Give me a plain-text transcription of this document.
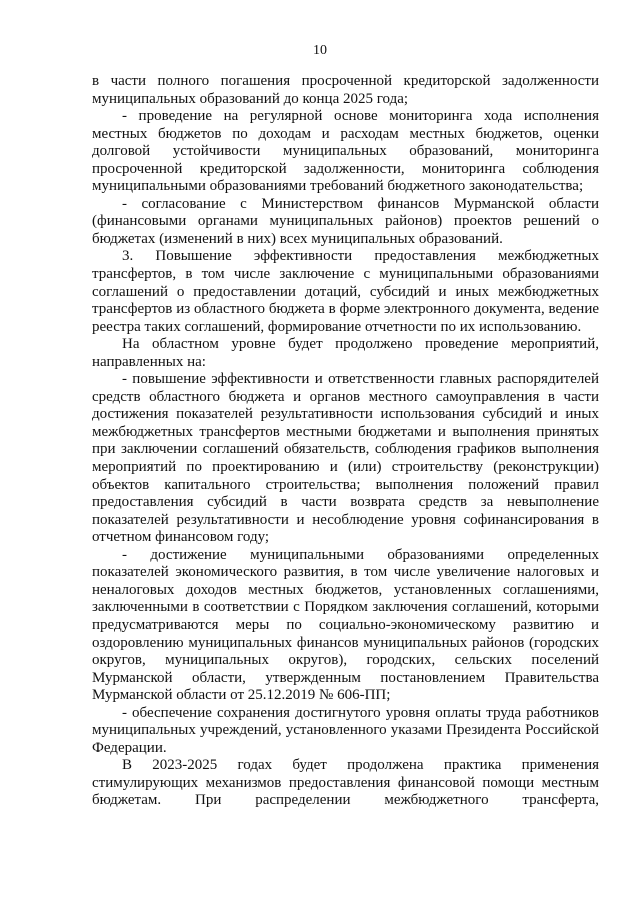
10

в части полного погашения просроченной кредиторской задолженности муниципальных образований до конца 2025 года;

- проведение на регулярной основе мониторинга хода исполнения местных бюджетов по доходам и расходам местных бюджетов, оценки долговой устойчивости муниципальных образований, мониторинга просроченной кредиторской задолженности, мониторинга соблюдения муниципальными образованиями требований бюджетного законодательства;

- согласование с Министерством финансов Мурманской области (финансовыми органами муниципальных районов) проектов решений о бюджетах (изменений в них) всех муниципальных образований.

3. Повышение эффективности предоставления межбюджетных трансфертов, в том числе заключение с муниципальными образованиями соглашений о предоставлении дотаций, субсидий и иных межбюджетных трансфертов из областного бюджета в форме электронного документа, ведение реестра таких соглашений, формирование отчетности по их использованию.

На областном уровне будет продолжено проведение мероприятий, направленных на:

- повышение эффективности и ответственности главных распорядителей средств областного бюджета и органов местного самоуправления в части достижения показателей результативности использования субсидий и иных межбюджетных трансфертов местными бюджетами и выполнения принятых при заключении соглашений обязательств, соблюдения графиков выполнения мероприятий по проектированию и (или) строительству (реконструкции) объектов капитального строительства; выполнения положений правил предоставления субсидий в части возврата средств за невыполнение показателей результативности и несоблюдение уровня софинансирования в отчетном финансовом году;

- достижение муниципальными образованиями определенных показателей экономического развития, в том числе увеличение налоговых и неналоговых доходов местных бюджетов, установленных соглашениями, заключенными в соответствии с Порядком заключения соглашений, которыми предусматриваются меры по социально-экономическому развитию и оздоровлению муниципальных финансов муниципальных районов (городских округов, муниципальных округов), городских, сельских поселений Мурманской области, утвержденным постановлением Правительства Мурманской области от 25.12.2019 № 606-ПП;

- обеспечение сохранения достигнутого уровня оплаты труда работников муниципальных учреждений, установленного указами Президента Российской Федерации.

В 2023-2025 годах будет продолжена практика применения стимулирующих механизмов предоставления финансовой помощи местным бюджетам. При распределении межбюджетного трансферта,
